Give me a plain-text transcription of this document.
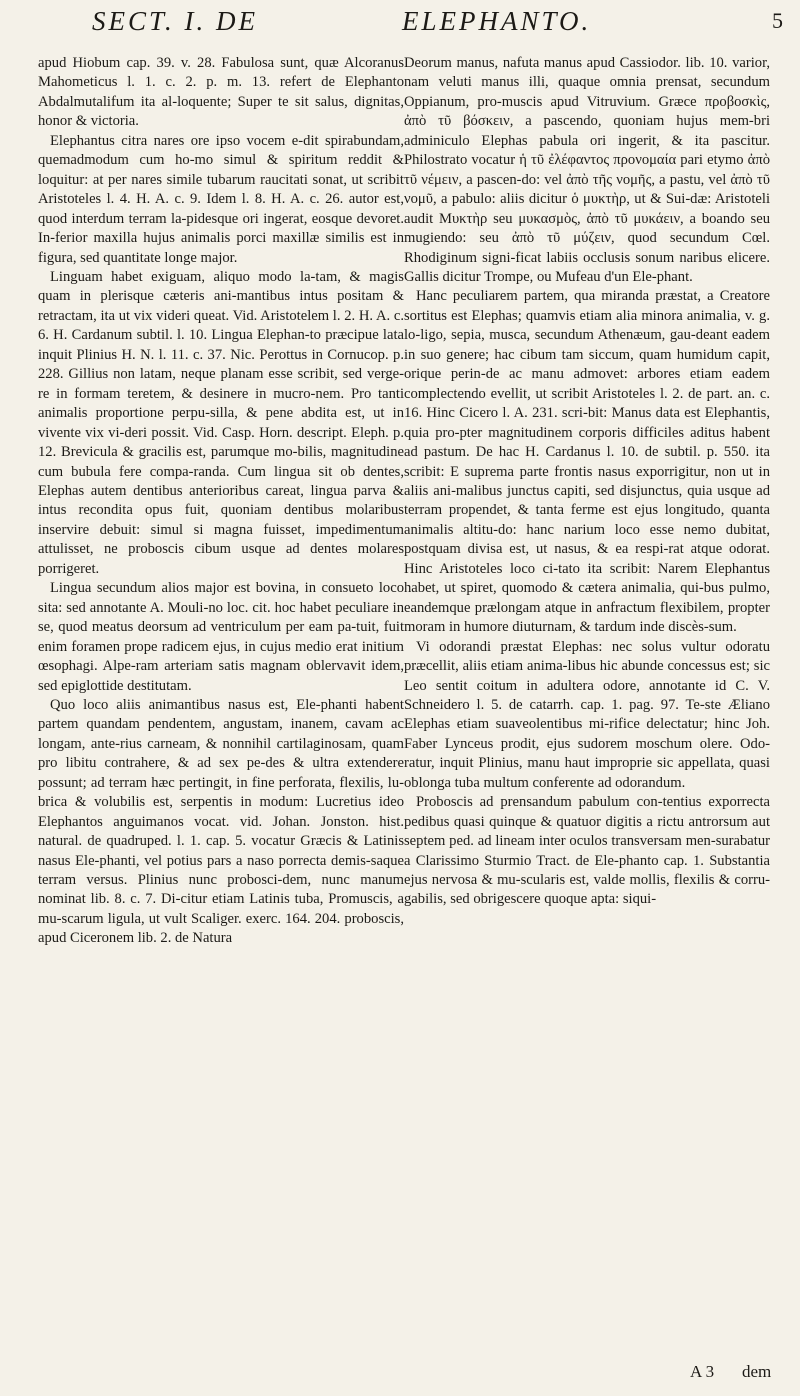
SECT. I. DE	ELEPHANTO.	5

apud Hiobum cap. 39. v. 28. Fabulosa sunt, quæ Alcoranus Mahometicus l. 1. c. 2. p. m. 13. refert de Elephanto Abdalmutalifum ita al-loquente; Super te sit salus, dignitas, honor & victoria.

Elephantus citra nares ore ipso vocem e-dit spirabundam, quemadmodum cum ho-mo simul & spiritum reddit & loquitur: at per nares simile tubarum raucitati sonat, ut scribit Aristoteles l. 4. H. A. c. 9. Idem l. 8. H. A. c. 26. autor est, quod interdum terram la-pidesque ori ingerat, eosque devoret. In-ferior maxilla hujus animalis porci maxillæ similis est in figura, sed quantitate longe major.

Linguam habet exiguam, aliquo modo la-tam, & magis quam in plerisque cæteris ani-mantibus intus positam & retractam, ita ut vix videri queat. Vid. Aristotelem l. 2. H. A. c. 6. H. Cardanum subtil. l. 10. Lingua Elephan-to præcipue lata inquit Plinius H. N. l. 11. c. 37. Nic. Perottus in Cornucop. p. 228. Gillius non latam, neque planam esse scribit, sed verge-re in formam teretem, & desinere in mucro-nem. Pro tanti animalis proportione perpu-silla, & pene abdita est, ut in vivente vix vi-deri possit. Vid. Casp. Horn. descript. Eleph. p. 12. Brevicula & gracilis est, parumque mo-bilis, magnitudine cum bubula fere compa-randa. Cum lingua sit ob dentes, Elephas autem dentibus anterioribus careat, lingua parva & intus recondita opus fuit, quoniam dentibus molaribus inservire debuit: simul si magna fuisset, impedimentum attulisset, ne proboscis cibum usque ad dentes molares porrigeret.

Lingua secundum alios major est bovina, in consueto loco sita: sed annotante A. Mouli-no loc. cit. hoc habet peculiare in se, quod meatus deorsum ad ventriculum per eam pa-tuit, fuit enim foramen prope radicem ejus, in cujus medio erat initium œsophagi. Alpe-ram arteriam satis magnam oblervavit idem, sed epiglottide destitutam.

Quo loco aliis animantibus nasus est, Ele-phanti habent partem quandam pendentem, angustam, inanem, cavam ac longam, ante-rius carneam, & nonnihil cartilaginosam, quam pro libitu contrahere, & ad sex pe-des & ultra extendere possunt; ad terram hæc pertingit, in fine perforata, flexilis, lu-brica & volubilis est, serpentis in modum: Lucretius ideo Elephantos anguimanos vocat. vid. Johan. Jonston. hist. natural. de quadruped. l. 1. cap. 5. vocatur Græcis & Latinis nasus Ele-phanti, vel potius pars a naso porrecta demis-saque terram versus. Plinius nunc probosci-dem, nunc manum nominat lib. 8. c. 7. Di-citur etiam Latinis tuba, Promuscis, a mu-scarum ligula, ut vult Scaliger. exerc. 164. 204. proboscis, apud Ciceronem lib. 2. de Natura

Deorum manus, nafuta manus apud Cassiodor. lib. 10. varior, nam veluti manus illi, quaque omnia prensat, secundum Oppianum, pro-muscis apud Vitruvium. Græce προβοσκὶς, ἀπὸ τῦ βόσκειν, a pascendo, quoniam hujus mem-bri adminiculo Elephas pabula ori ingerit, & ita pascitur. Philostrato vocatur ἡ τῦ ἐλέφαντος προνομαία pari etymo ἀπὸ τῦ νέμειν, a pascen-do: vel ἀπὸ τῆς νομῆς, a pastu, vel ἀπὸ τῦ νομῦ, a pabulo: aliis dicitur ὁ μυκτὴρ, ut & Sui-dæ: Aristoteli audit Μυκτὴρ seu μυκασμὸς, ἀπὸ τῦ μυκάειν, a boando seu mugiendo: seu ἀπὸ τῦ μύζειν, quod secundum Cœl. Rhodiginum signi-ficat labiis occlusis sonum naribus elicere. Gallis dicitur Trompe, ou Mufeau d'un Ele-phant.

Hanc peculiarem partem, qua miranda præstat, a Creatore sortitus est Elephas; quamvis etiam alia minora animalia, v. g. lo-ligo, sepia, musca, secundum Athenæum, gau-deant eadem in suo genere; hac cibum tam siccum, quam humidum capit, orique perin-de ac manu admovet: arbores etiam eadem complectendo evellit, ut scribit Aristoteles l. 2. de part. an. c. 16. Hinc Cicero l. A. 231. scri-bit: Manus data est Elephantis, quia pro-pter magnitudinem corporis difficiles aditus habent ad pastum. De hac H. Cardanus l. 10. de subtil. p. 550. ita scribit: E suprema parte frontis nasus exporrigitur, non ut in aliis ani-malibus junctus capiti, sed disjunctus, quia usque ad terram propendet, & tanta ferme est ejus longitudo, quanta animalis altitu-do: hanc narium loco esse nemo dubitat, postquam divisa est, ut nasus, & ea respi-rat atque odorat. Hinc Aristoteles loco ci-tato ita scribit: Narem Elephantus habet, ut spiret, quomodo & cætera animalia, qui-bus pulmo, eandemque prælongam atque in anfractum flexibilem, propter moram in humore diuturnam, & tardum inde discès-sum.

Vi odorandi præstat Elephas: nec solus vultur odoratu præcellit, aliis etiam anima-libus hic abunde concessus est; sic Leo sentit coitum in adultera odore, annotante id C. V. Schneidero l. 5. de catarrh. cap. 1. pag. 97. Te-ste Æliano Elephas etiam suaveolentibus mi-rifice delectatur; hinc Joh. Faber Lynceus prodit, ejus sudorem moschum olere. Odo-ratur, inquit Plinius, manu haut improprie sic appellata, quasi oblonga tuba multum conferente ad odorandum.

Proboscis ad prensandum pabulum con-tentius exporrecta pedibus quasi quinque & quatuor digitis a rictu antrorsum aut septem ped. ad lineam inter oculos transversam men-surabatur a Clarissimo Sturmio Tract. de Ele-phanto cap. 1. Substantia ejus nervosa & mu-scularis est, valde mollis, flexilis & corru-gabilis, sed obrigescere quoque apta: siqui-

A 3 dem
